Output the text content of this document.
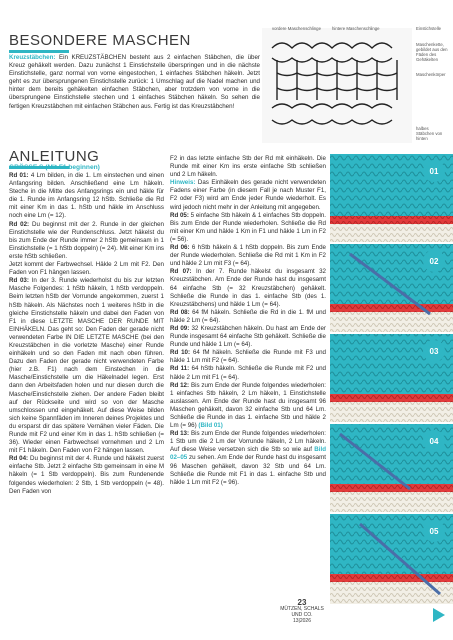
BESONDERE MASCHEN

Kreuzstäbchen: Ein KREUZSTÄBCHEN besteht aus 2 einfachen Stäbchen, die über Kreuz gehäkelt werden. Dazu zunächst 1 Einstichstelle überspringen und in die nächste Einstichstelle, ganz normal von vorne eingestochen, 1 einfaches Stäbchen häkeln. Jetzt geht es zur übersprungenen Einstichstelle zurück: 1 Umschlag auf die Nadel machen und hinter dem bereits gehäkelten einfachen Stäbchen, aber trotzdem von vorne in die übersprungene Einstichstelle stechen und 1 einfaches Stäbchen häkeln. So sehen die fertigen Kreuzstäbchen mit einfachen Stäbchen aus. Fertig ist das Kreuzstäbchen!

vordere Maschenschlinge	hintere Maschenschlinge	Einstichstelle
Maschenkette, gebildet aus den Fäden des Gehäkelten
Maschenkörper
halbes Stäbchen von hinten
ANLEITUNG
GRÖSSE S (Mit F1 beginnen)

Rd 01: 4 Lm bilden, in die 1. Lm einstechen und einen Anfangsring bilden. Anschließend eine Lm häkeln. Steche in die Mitte des Anfangsrings ein und häkle für die 1. Runde im Anfangsring 12 hStb. Schließe die Rd mit einer Km in das 1. hStb und häkle im Anschluss noch eine Lm (= 12).

Rd 02: Du beginnst mit der 2. Runde in der gleichen Einstichstelle wie der Rundenschluss. Jetzt häkelst du bis zum Ende der Runde immer 2 hStb gemeinsam in 1 Einstichstelle (= 1 hStb doppeln) (= 24). Mit einer Km ins erste hStb schließen.

Jetzt kommt der Farbwechsel. Häkle 2 Lm mit F2. Den Faden von F1 hängen lassen.

Rd 03: In der 3. Runde wiederholst du bis zur letzten Masche Folgendes: 1 hStb häkeln, 1 hStb verdoppeln. Beim letzten hStb der Vorrunde angekommen, zuerst 1 hStb häkeln. Als Nächstes noch 1 weiteres hStb in die gleiche Einstichstelle häkeln und dabei den Faden von F1 in diese LETZTE MASCHE DER RUNDE MIT EINHÄKELN. Das geht so: Den Faden der gerade nicht verwendeten Farbe IN DIE LETZTE MASCHE (bei den Kreuzstäbchen in die vorletzte Masche) einer Runde einhäkeln und so den Faden mit nach oben führen. Dazu den Faden der gerade nicht verwendeten Farbe (hier z.B. F1) nach dem Einstechen in die Masche/Einstichstelle um die Häkelnadel legen. Erst dann den Arbeitsfaden holen und nur diesen durch die Masche/Einstichstelle ziehen. Der andere Faden bleibt auf der Rückseite und wird so von der Masche umschlossen und eingehäkelt. Auf diese Weise bilden sich keine Spannfäden im Inneren deines Projektes und du ersparst dir das spätere Vernähen vieler Fäden. Die Runde mit F2 und einer Km in das 1. hStb schließen (= 36). Wieder einen Farbwechsel vornehmen und 2 Lm mit F1 häkeln. Den Faden von F2 hängen lassen.

Rd 04: Du beginnst mit der 4. Runde und häkelst zuerst einfache Stb. Jetzt 2 einfache Stb gemeinsam in eine M häkeln (= 1 Stb verdoppeln). Bis zum Rundenende folgendes wiederholen: 2 Stb, 1 Stb verdoppeln (= 48). Den Faden von

F2 in das letzte einfache Stb der Rd mit einhäkeln. Die Runde mit einer Km ins erste einfache Stb schließen und 2 Lm häkeln.

Hinweis: Das Einhäkeln des gerade nicht verwendeten Fadens einer Farbe (in diesem Fall je nach Muster F1, F2 oder F3) wird am Ende jeder Runde wiederholt. Es wird jedoch nicht mehr in der Anleitung mit angegeben.

Rd 05: 5 einfache Stb häkeln & 1 einfaches Stb doppeln. Bis zum Ende der Runde wiederholen. Schließe die Rd mit einer Km und häkle 1 Km in F1 und häkle 1 Lm in F2 (= 56).

Rd 06: 6 hStb häkeln & 1 hStb doppeln. Bis zum Ende der Runde wiederholen. Schließe die Rd mit 1 Km in F2 und häkle 2 Lm mit F3 (= 64).

Rd 07: In der 7. Runde häkelst du insgesamt 32 Kreuzstäbchen. Am Ende der Runde hast du insgesamt 64 einfache Stb (= 32 Kreuzstäbchen) gehäkelt. Schließe die Runde in das 1. einfache Stb (des 1. Kreuzstäbchens) und häkle 1 Lm (= 64).

Rd 08: 64 fM häkeln. Schließe die Rd in die 1. fM und häkle 2 Lm (= 64).

Rd 09: 32 Kreuzstäbchen häkeln. Du hast am Ende der Runde insgesamt 64 einfache Stb gehäkelt. Schließe die Runde und häkle 1 Lm (= 64).

Rd 10: 64 fM häkeln. Schließe die Runde mit F3 und häkle 1 Lm mit F2 (= 64).

Rd 11: 64 hStb häkeln. Schließe die Runde mit F2 und häkle 2 Lm mit F1 (= 64).

Rd 12: Bis zum Ende der Runde folgendes wiederholen: 1 einfaches Stb häkeln, 2 Lm häkeln, 1 Einstichstelle auslassen. Am Ende der Runde hast du insgesamt 96 Maschen gehäkelt, davon 32 einfache Stb und 64 Lm. Schließe die Runde in das 1. einfache Stb und häkle 2 Lm (= 96) (Bild 01)

Rd 13: Bis zum Ende der Runde folgendes wiederholen: 1 Stb um die 2 Lm der Vorrunde häkeln, 2 Lm häkeln. Auf diese Weise versetzen sich die Stb so wie auf Bild 02–05 zu sehen. Am Ende der Runde hast du insgesamt 96 Maschen gehäkelt, davon 32 Stb und 64 Lm. Schließe die Runde mit F1 in das 1. einfache Stb und häkle 1 Lm mit F2 (= 96).

01
02
03
04
05
23
MÜTZEN, SCHALS
UND CO.
13|2026
